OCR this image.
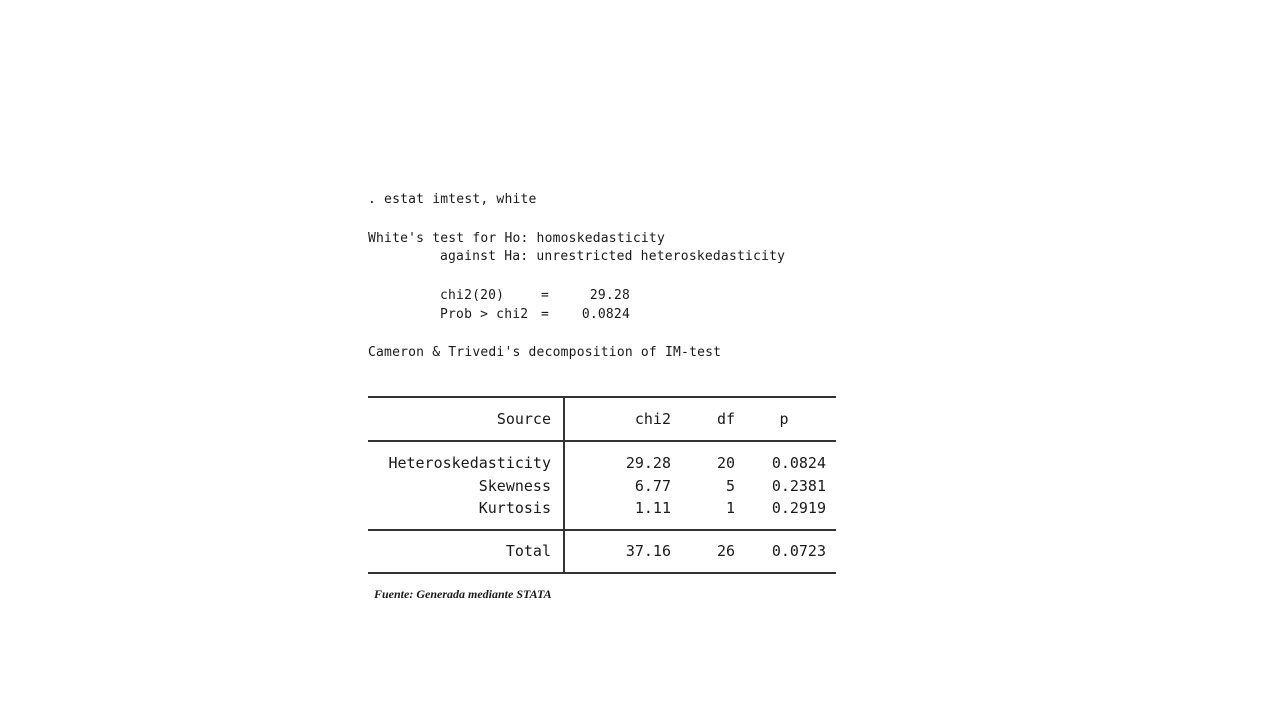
. estat imtest, white
White's test for Ho: homoskedasticity
against Ha: unrestricted heteroskedasticity
chi2(20)	=	29.28
Prob > chi2 =	0.0824
Cameron & Trivedi's decomposition of IM-test
Source	chi2	df	p
Heteroskedasticity	29.28	20	0.0824
Skewness	6.77	5	0.2381
Kurtosis	1.11	1	0.2919
Total	37.16	26	0.0723
Fuente: Generada mediante STATA
